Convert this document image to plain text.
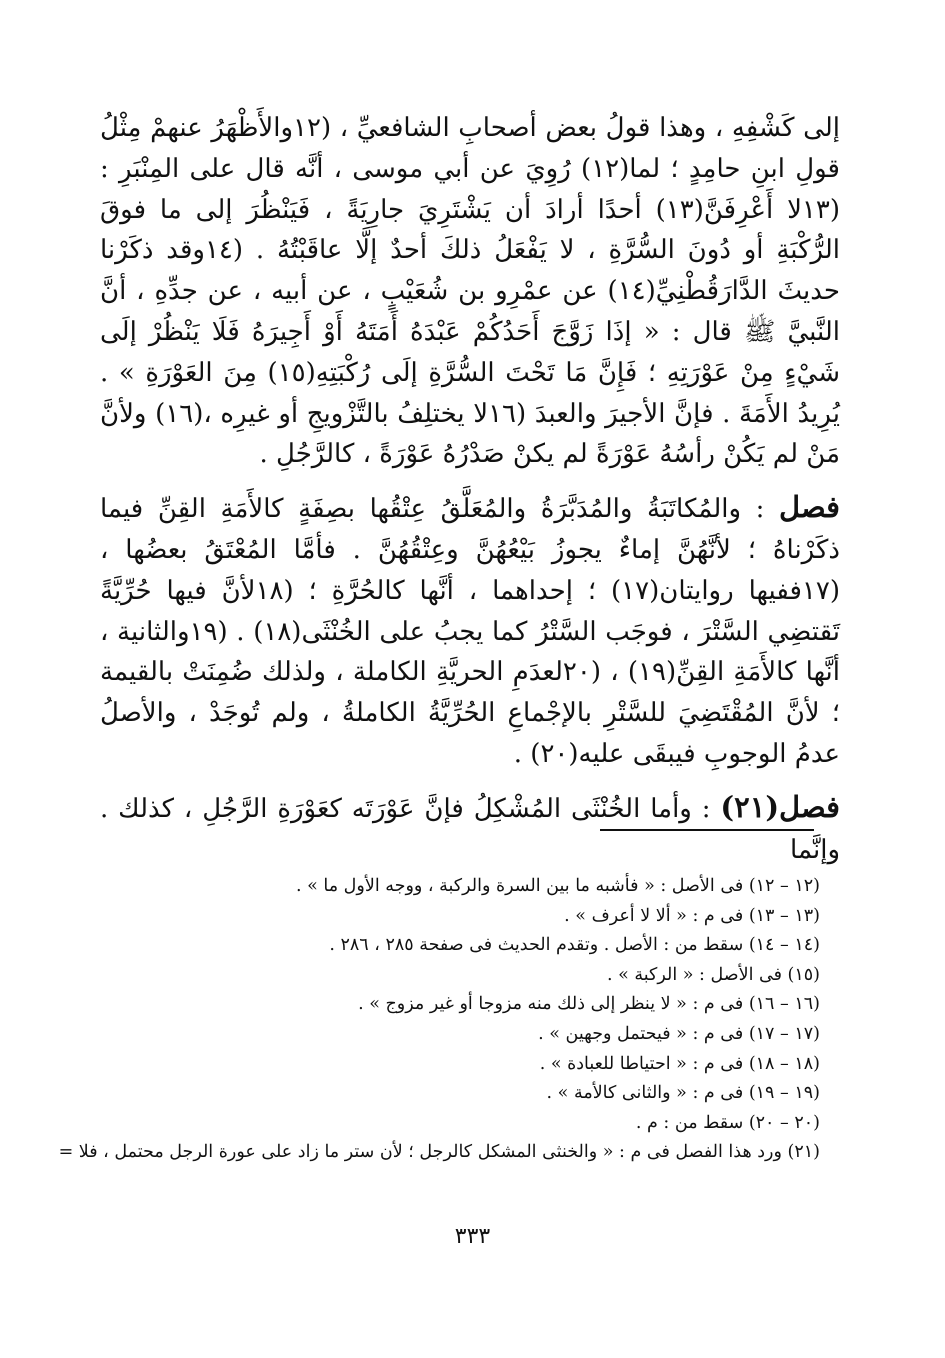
إلى كَشْفِهِ ، وهذا قولُ بعض أصحابِ الشافعيِّ ، (١٢والأَظْهَرُ عنهمْ مِثْلُ قولِ ابنِ حامِدٍ ؛ لما(١٢) رُوِيَ عن أبي موسى ، أنَّه قال على المِنْبَرِ : (١٣لا أَعْرِفَنَّ(١٣) أحدًا أرادَ أن يَشْتَرِيَ جارِيَةً ، فَيَنْظُرَ إلى ما فوقَ الرُّكْبَةِ أو دُونَ السُّرَّةِ ، لا يَفْعَلُ ذلكَ أحدٌ إلَّا عاقَبْتُهُ . (١٤وقد ذكَرْنا حديثَ الدَّارَقُطْنِيِّ(١٤) عن عمْرِو بن شُعَيْبٍ ، عن أبيه ، عن جدِّهِ ، أنَّ النَّبيَّ ﷺ قال : « إذَا زَوَّجَ أَحَدُكُمْ عَبْدَهُ أَمَتَهُ أَوْ أَجِيرَهُ فَلَا يَنْظُرْ إلَى شَيْءٍ مِنْ عَوْرَتِهِ ؛ فَإِنَّ مَا تَحْتَ السُّرَّةِ إلَى رُكْبَتِهِ(١٥) مِنَ العَوْرَةِ » . يُرِيدُ الأَمَةَ . فإنَّ الأجيرَ والعبدَ (١٦لا يختلِفُ بالتَّزْويجِ أو غيرِه ،(١٦) ولأنَّ مَنْ لم يَكُنْ رأسُهُ عَوْرَةً لم يكنْ صَدْرُهُ عَوْرَةً ، كالرَّجُلِ .

فصل : والمُكاتَبَةُ والمُدَبَّرَةُ والمُعَلَّقُ عِتْقُها بصِفَةٍ كالأَمَةِ القِنِّ فيما ذكَرْناهُ ؛ لأنَّهُنَّ إماءٌ يجوزُ بَيْعُهُنَّ وعِتْقُهُنَّ . فأمَّا المُعْتَقُ بعضُها ، (١٧ففيها روايتان(١٧) ؛ إحداهما ، أنَّها كالحُرَّةِ ؛ (١٨لأنَّ فيها حُرِّيَّةً تَقتضِي السَّتْرَ ، فوجَب السَّتْرُ كما يجبُ على الخُنْثَى(١٨) . (١٩والثانية ، أنَّها كالأَمَةِ القِنِّ(١٩) ، (٢٠لعدَمِ الحريَّةِ الكاملة ، ولذلك ضُمِنَتْ بالقيمة ؛ لأنَّ المُقْتَضِيَ للسَّتْرِ بالإجْماعِ الحُرِّيَّةُ الكاملةُ ، ولم تُوجَدْ ، والأصلُ عدمُ الوجوبِ فيبقَى عليه(٢٠) .

فصل(٢١) : وأما الخُنْثَى المُشْكِلُ فإنَّ عَوْرَتَه كعَوْرَةِ الرَّجُلِ ، كذلك . وإنَّما

(١٢ – ١٢) فى الأصل : « فأشبه ما بين السرة والركبة ، ووجه الأول ما » .
(١٣ – ١٣) فى م : « ألا لا أعرف » .
(١٤ – ١٤) سقط من : الأصل . وتقدم الحديث فى صفحة ٢٨٥ ، ٢٨٦ .
(١٥) فى الأصل : « الركبة » .
(١٦ – ١٦) فى م : « لا ينظر إلى ذلك منه مزوجا أو غير مزوج » .
(١٧ – ١٧) فى م : « فيحتمل وجهين » .
(١٨ – ١٨) فى م : « احتياطا للعبادة » .
(١٩ – ١٩) فى م : « والثانى كالأمة » .
(٢٠ – ٢٠) سقط من : م .
(٢١) ورد هذا الفصل فى م : « والخنثى المشكل كالرجل ؛ لأن ستر ما زاد على عورة الرجل محتمل ، فلا =
٣٣٣
